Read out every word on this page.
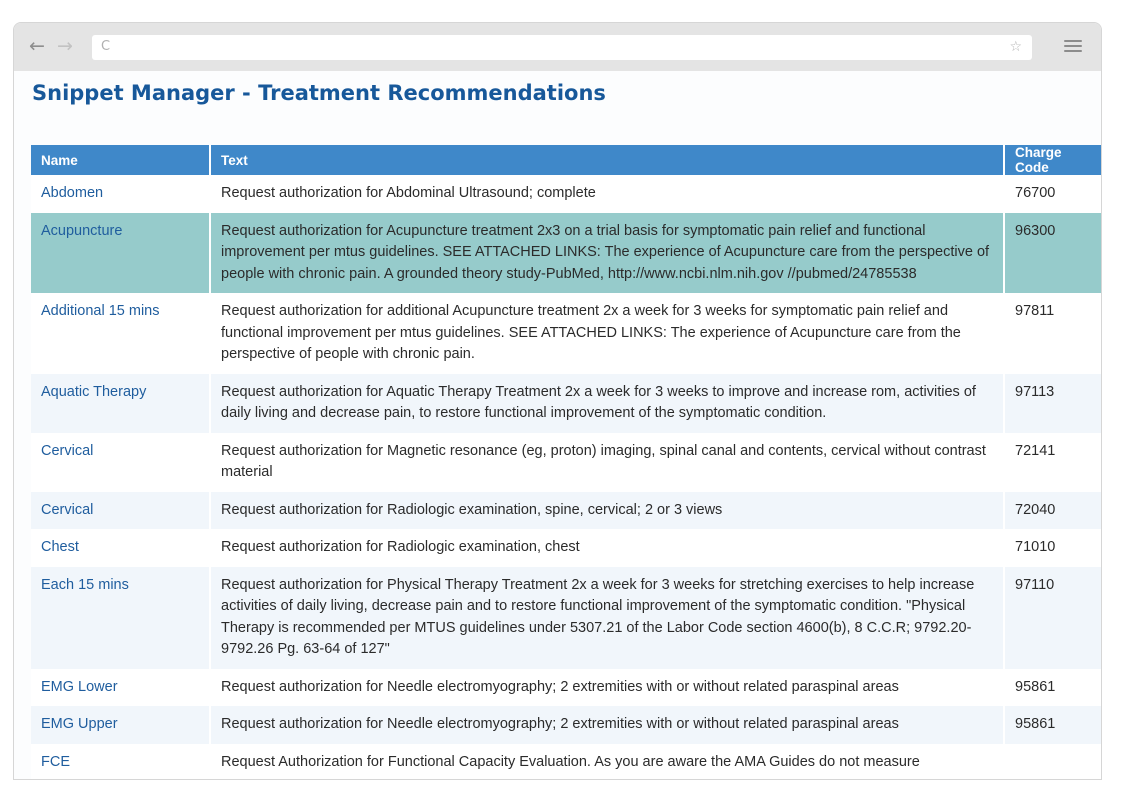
← → C	☆
Snippet Manager - Treatment Recommendations
Name	Text	Charge Code
Abdomen	Request authorization for Abdominal Ultrasound; complete	76700
Acupuncture	Request authorization for Acupuncture treatment 2x3 on a trial basis for symptomatic pain relief and functional improvement per mtus guidelines. SEE ATTACHED LINKS: The experience of Acupuncture care from the perspective of people with chronic pain. A grounded theory study-PubMed, http://www.ncbi.nlm.nih.gov //pubmed/24785538	96300
Additional 15 mins	Request authorization for additional Acupuncture treatment 2x a week for 3 weeks for symptomatic pain relief and functional improvement per mtus guidelines. SEE ATTACHED LINKS: The experience of Acupuncture care from the perspective of people with chronic pain.	97811
Aquatic Therapy	Request authorization for Aquatic Therapy Treatment 2x a week for 3 weeks to improve and increase rom, activities of daily living and decrease pain, to restore functional improvement of the symptomatic condition.	97113
Cervical	Request authorization for Magnetic resonance (eg, proton) imaging, spinal canal and contents, cervical without contrast material	72141
Cervical	Request authorization for Radiologic examination, spine, cervical; 2 or 3 views	72040
Chest	Request authorization for Radiologic examination, chest	71010
Each 15 mins	Request authorization for Physical Therapy Treatment 2x a week for 3 weeks for stretching exercises to help increase activities of daily living, decrease pain and to restore functional improvement of the symptomatic condition. "Physical Therapy is recommended per MTUS guidelines under 5307.21 of the Labor Code section 4600(b), 8 C.C.R; 9792.20-9792.26 Pg. 63-64 of 127"	97110
EMG Lower	Request authorization for Needle electromyography; 2 extremities with or without related paraspinal areas	95861
EMG Upper	Request authorization for Needle electromyography; 2 extremities with or without related paraspinal areas	95861
FCE	Request Authorization for Functional Capacity Evaluation. As you are aware the AMA Guides do not measure	
